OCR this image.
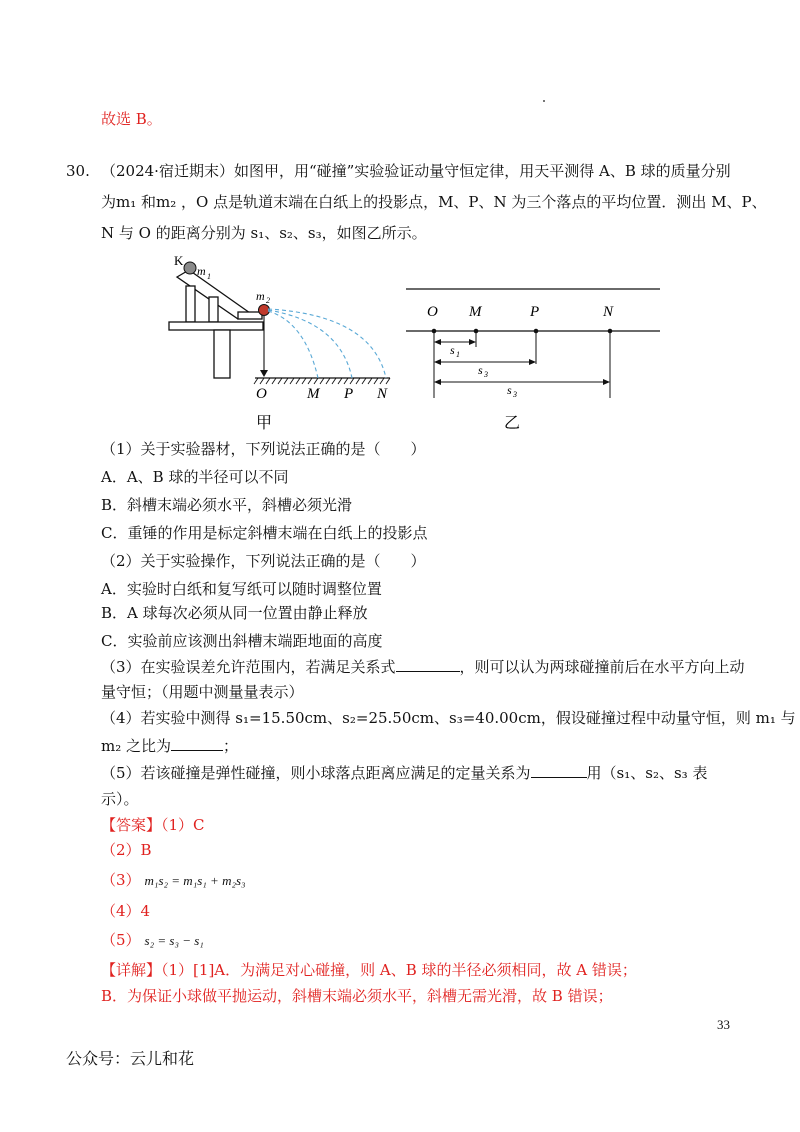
故选 B。
30. （2024·宿迁期末）如图甲，用“碰撞”实验验证动量守恒定律，用天平测得 A、B 球的质量分别
为m₁ 和m₂ ，O 点是轨道末端在白纸上的投影点，M、P、N 为三个落点的平均位置．测出 M、P、
N 与 O 的距离分别为 s₁、s₂、s₃，如图乙所示。
K
m 1
m 2
O	M P N
甲
O M	P	N
s 1
s 3
s 3
乙
（1）关于实验器材，下列说法正确的是（　　）
A．A、B 球的半径可以不同
B．斜槽末端必须水平，斜槽必须光滑
C．重锤的作用是标定斜槽末端在白纸上的投影点
（2）关于实验操作，下列说法正确的是（　　）
A．实验时白纸和复写纸可以随时调整位置
B．A 球每次必须从同一位置由静止释放
C．实验前应该测出斜槽末端距地面的高度
（3）在实验误差允许范围内，若满足关系式	，则可以认为两球碰撞前后在水平方向上动
量守恒；（用题中测量量表示）
（4）若实验中测得 s₁=15.50cm、s₂=25.50cm、s₃=40.00cm，假设碰撞过程中动量守恒，则 m₁ 与
m₂ 之比为	；
（5）若该碰撞是弹性碰撞，则小球落点距离应满足的定量关系为	用（s₁、s₂、s₃ 表
示）。
【答案】（1）C
（2）B
（3） m₁s₂ = m₁s₁ + m₂s₃
（4）4
（5） s₂ = s₃ − s₁
【详解】（1）[1]A．为满足对心碰撞，则 A、B 球的半径必须相同，故 A 错误；
B．为保证小球做平抛运动，斜槽末端必须水平，斜槽无需光滑，故 B 错误；
33
公众号：云儿和花
